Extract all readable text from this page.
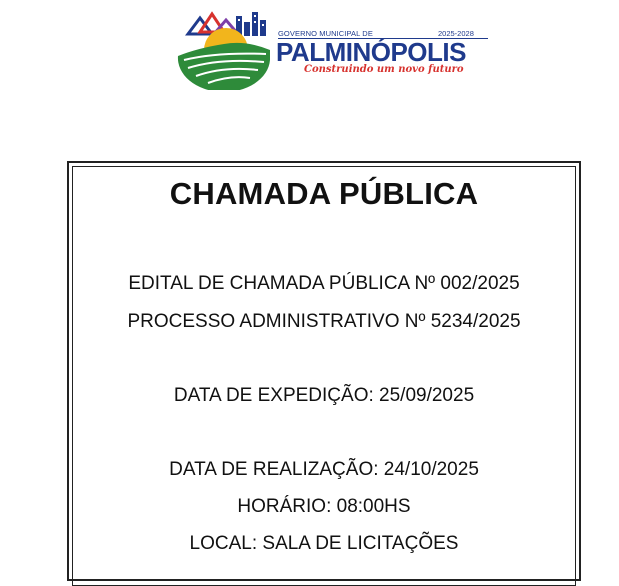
GOVERNO MUNICIPAL DE	2025-2028
PALMINÓPOLIS
Construindo um novo futuro
CHAMADA PÚBLICA
EDITAL DE CHAMADA PÚBLICA Nº 002/2025
PROCESSO ADMINISTRATIVO Nº 5234/2025
DATA DE EXPEDIÇÃO: 25/09/2025
DATA DE REALIZAÇÃO: 24/10/2025
HORÁRIO: 08:00HS
LOCAL: SALA DE LICITAÇÕES
